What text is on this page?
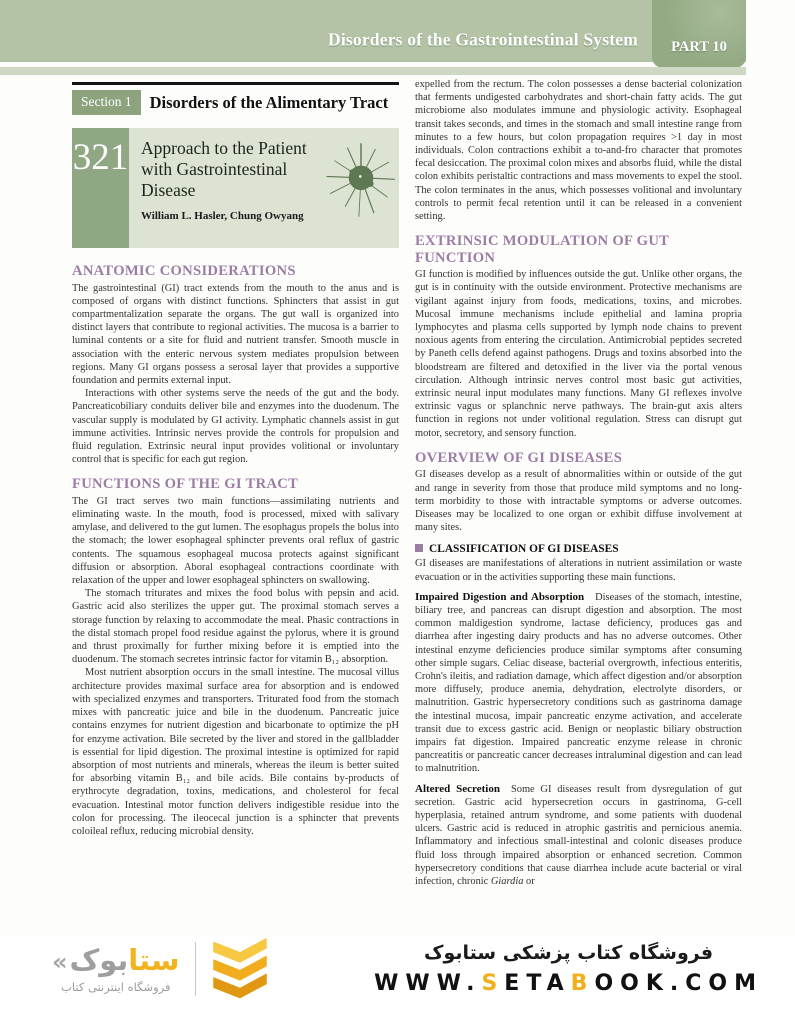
Disorders of the Gastrointestinal System	PART 10
Section 1 Disorders of the Alimentary Tract
321 Approach to the Patient with Gastrointestinal Disease
William L. Hasler, Chung Owyang
ANATOMIC CONSIDERATIONS

The gastrointestinal (GI) tract extends from the mouth to the anus and is composed of organs with distinct functions. Sphincters that assist in gut compartmentalization separate the organs. The gut wall is organized into distinct layers that contribute to regional activities. The mucosa is a barrier to luminal contents or a site for fluid and nutrient transfer. Smooth muscle in association with the enteric nervous system mediates propulsion between regions. Many GI organs possess a serosal layer that provides a supportive foundation and permits external input.

Interactions with other systems serve the needs of the gut and the body. Pancreaticobiliary conduits deliver bile and enzymes into the duodenum. The vascular supply is modulated by GI activity. Lymphatic channels assist in gut immune activities. Intrinsic nerves provide the controls for propulsion and fluid regulation. Extrinsic neural input provides volitional or involuntary control that is specific for each gut region.

FUNCTIONS OF THE GI TRACT

The GI tract serves two main functions—assimilating nutrients and eliminating waste. In the mouth, food is processed, mixed with salivary amylase, and delivered to the gut lumen. The esophagus propels the bolus into the stomach; the lower esophageal sphincter prevents oral reflux of gastric contents. The squamous esophageal mucosa protects against significant diffusion or absorption. Aboral esophageal contractions coordinate with relaxation of the upper and lower esophageal sphincters on swallowing.

The stomach triturates and mixes the food bolus with pepsin and acid. Gastric acid also sterilizes the upper gut. The proximal stomach serves a storage function by relaxing to accommodate the meal. Phasic contractions in the distal stomach propel food residue against the pylorus, where it is ground and thrust proximally for further mixing before it is emptied into the duodenum. The stomach secretes intrinsic factor for vitamin B₁₂ absorption.

Most nutrient absorption occurs in the small intestine. The mucosal villus architecture provides maximal surface area for absorption and is endowed with specialized enzymes and transporters. Triturated food from the stomach mixes with pancreatic juice and bile in the duodenum. Pancreatic juice contains enzymes for nutrient digestion and bicarbonate to optimize the pH for enzyme activation. Bile secreted by the liver and stored in the gallbladder is essential for lipid digestion. The proximal intestine is optimized for rapid absorption of most nutrients and minerals, whereas the ileum is better suited for absorbing vitamin B₁₂ and bile acids. Bile contains by-products of erythrocyte degradation, toxins, medications, and cholesterol for fecal evacuation. Intestinal motor function delivers indigestible residue into the colon for processing. The ileocecal junction is a sphincter that prevents coloileal reflux, reducing microbial density.

expelled from the rectum. The colon possesses a dense bacterial colonization that ferments undigested carbohydrates and short-chain fatty acids. The gut microbiome also modulates immune and physiologic activity. Esophageal transit takes seconds, and times in the stomach and small intestine range from minutes to a few hours, but colon propagation requires >1 day in most individuals. Colon contractions exhibit a to-and-fro character that promotes fecal desiccation. The proximal colon mixes and absorbs fluid, while the distal colon exhibits peristaltic contractions and mass movements to expel the stool. The colon terminates in the anus, which possesses volitional and involuntary controls to permit fecal retention until it can be released in a convenient setting.

EXTRINSIC MODULATION OF GUT FUNCTION

GI function is modified by influences outside the gut. Unlike other organs, the gut is in continuity with the outside environment. Protective mechanisms are vigilant against injury from foods, medications, toxins, and microbes. Mucosal immune mechanisms include epithelial and lamina propria lymphocytes and plasma cells supported by lymph node chains to prevent noxious agents from entering the circulation. Antimicrobial peptides secreted by Paneth cells defend against pathogens. Drugs and toxins absorbed into the bloodstream are filtered and detoxified in the liver via the portal venous circulation. Although intrinsic nerves control most basic gut activities, extrinsic neural input modulates many functions. Many GI reflexes involve extrinsic vagus or splanchnic nerve pathways. The brain-gut axis alters function in regions not under volitional regulation. Stress can disrupt gut motor, secretory, and sensory function.

OVERVIEW OF GI DISEASES

GI diseases develop as a result of abnormalities within or outside of the gut and range in severity from those that produce mild symptoms and no long-term morbidity to those with intractable symptoms or adverse outcomes. Diseases may be localized to one organ or exhibit diffuse involvement at many sites.

CLASSIFICATION OF GI DISEASES

GI diseases are manifestations of alterations in nutrient assimilation or waste evacuation or in the activities supporting these main functions.

Impaired Digestion and Absorption Diseases of the stomach, intestine, biliary tree, and pancreas can disrupt digestion and absorption. The most common maldigestion syndrome, lactase deficiency, produces gas and diarrhea after ingesting dairy products and has no adverse outcomes. Other intestinal enzyme deficiencies produce similar symptoms after consuming other simple sugars. Celiac disease, bacterial overgrowth, infectious enteritis, Crohn's ileitis, and radiation damage, which affect digestion and/or absorption more diffusely, produce anemia, dehydration, electrolyte disorders, or malnutrition. Gastric hypersecretory conditions such as gastrinoma damage the intestinal mucosa, impair pancreatic enzyme activation, and accelerate transit due to excess gastric acid. Benign or neoplastic biliary obstruction impairs fat digestion. Impaired pancreatic enzyme release in chronic pancreatitis or pancreatic cancer decreases intraluminal digestion and can lead to malnutrition.

Altered Secretion Some GI diseases result from dysregulation of gut secretion. Gastric acid hypersecretion occurs in gastrinoma, G-cell hyperplasia, retained antrum syndrome, and some patients with duodenal ulcers. Gastric acid is reduced in atrophic gastritis and pernicious anemia. Inflammatory and infectious small-intestinal and colonic diseases produce fluid loss through impaired absorption or enhanced secretion. Common hypersecretory conditions that cause diarrhea include acute bacterial or viral infection, chronic Giardia or

« ستابوک
فروشگاه اینترنتی کتاب
فروشگاه کتاب پزشکی ستابوک
WWW.SETABOOK.COM
